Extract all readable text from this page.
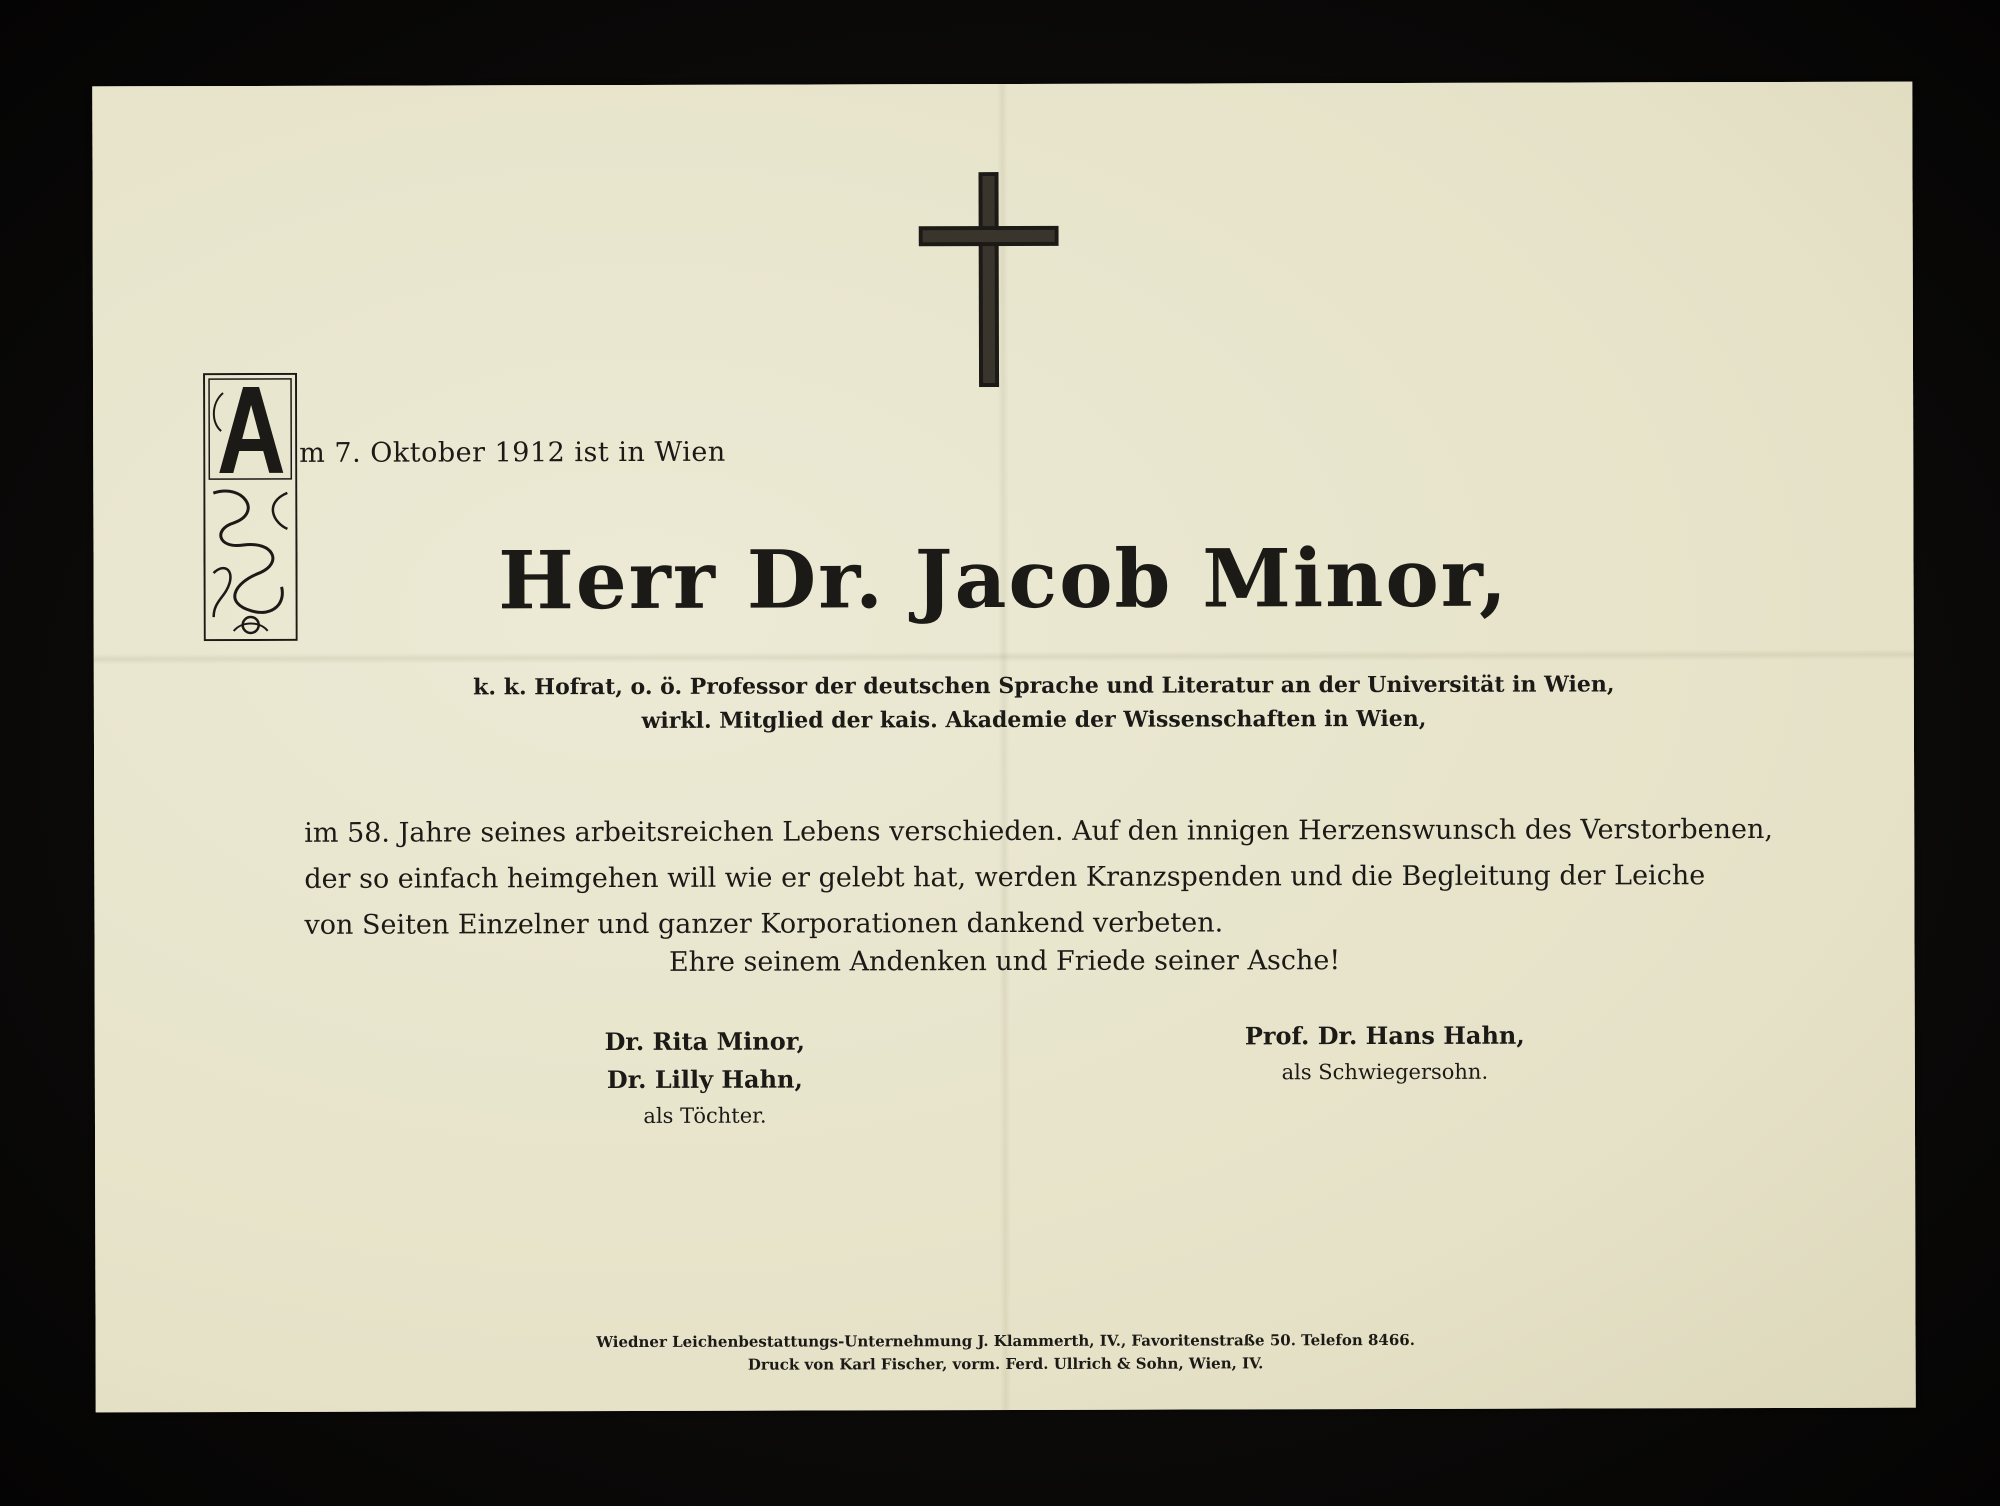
m 7. Oktober 1912 ist in Wien
Herr Dr. Jacob Minor,
k. k. Hofrat, o. ö. Professor der deutschen Sprache und Literatur an der Universität in Wien,
wirkl. Mitglied der kais. Akademie der Wissenschaften in Wien,
im 58. Jahre seines arbeitsreichen Lebens verschieden. Auf den innigen Herzenswunsch des Verstorbenen,
der so einfach heimgehen will wie er gelebt hat, werden Kranzspenden und die Begleitung der Leiche
von Seiten Einzelner und ganzer Korporationen dankend verbeten.
Ehre seinem Andenken und Friede seiner Asche!
Dr. Rita Minor,
Dr. Lilly Hahn,
als Töchter.
Prof. Dr. Hans Hahn,
als Schwiegersohn.
Wiedner Leichenbestattungs-Unternehmung J. Klammerth, IV., Favoritenstraße 50. Telefon 8466.
Druck von Karl Fischer, vorm. Ferd. Ullrich & Sohn, Wien, IV.
